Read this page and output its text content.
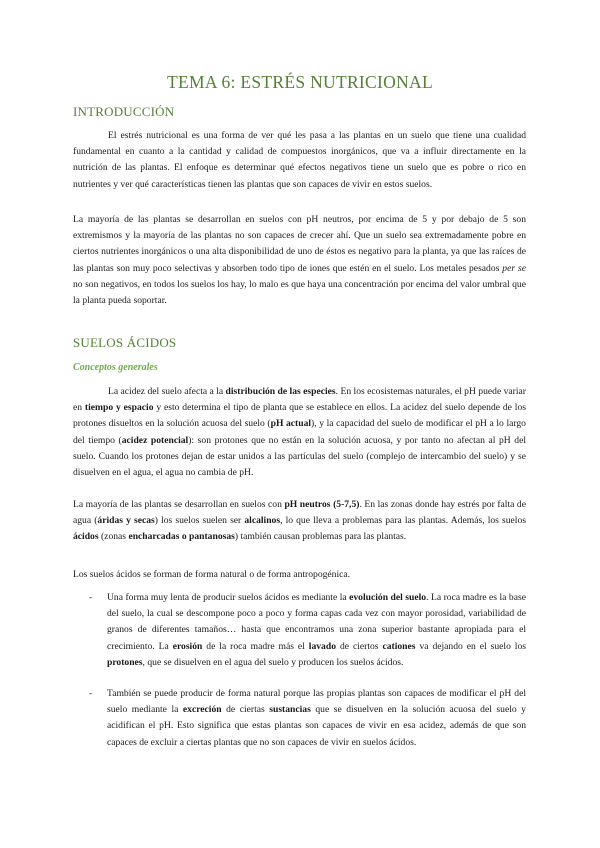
TEMA 6: ESTRÉS NUTRICIONAL
INTRODUCCIÓN

El estrés nutricional es una forma de ver qué les pasa a las plantas en un suelo que tiene una cualidad fundamental en cuanto a la cantidad y calidad de compuestos inorgánicos, que va a influir directamente en la nutrición de las plantas. El enfoque es determinar qué efectos negativos tiene un suelo que es pobre o rico en nutrientes y ver qué características tienen las plantas que son capaces de vivir en estos suelos.

La mayoría de las plantas se desarrollan en suelos con pH neutros, por encima de 5 y por debajo de 5 son extremismos y la mayoría de las plantas no son capaces de crecer ahí. Que un suelo sea extremadamente pobre en ciertos nutrientes inorgánicos o una alta disponibilidad de uno de éstos es negativo para la planta, ya que las raíces de las plantas son muy poco selectivas y absorben todo tipo de iones que estén en el suelo. Los metales pesados per se no son negativos, en todos los suelos los hay, lo malo es que haya una concentración por encima del valor umbral que la planta pueda soportar.

SUELOS ÁCIDOS
Conceptos generales

La acidez del suelo afecta a la distribución de las especies. En los ecosistemas naturales, el pH puede variar en tiempo y espacio y esto determina el tipo de planta que se establece en ellos. La acidez del suelo depende de los protones disueltos en la solución acuosa del suelo (pH actual), y la capacidad del suelo de modificar el pH a lo largo del tiempo (acidez potencial): son protones que no están en la solución acuosa, y por tanto no afectan al pH del suelo. Cuando los protones dejan de estar unidos a las partículas del suelo (complejo de intercambio del suelo) y se disuelven en el agua, el agua no cambia de pH.

La mayoría de las plantas se desarrollan en suelos con pH neutros (5-7,5). En las zonas donde hay estrés por falta de agua (áridas y secas) los suelos suelen ser alcalinos, lo que lleva a problemas para las plantas. Además, los suelos ácidos (zonas encharcadas o pantanosas) también causan problemas para las plantas.

Los suelos ácidos se forman de forma natural o de forma antropogénica.

-	Una forma muy lenta de producir suelos ácidos es mediante la evolución del suelo. La roca madre es la base del suelo, la cual se descompone poco a poco y forma capas cada vez con mayor porosidad, variabilidad de granos de diferentes tamaños… hasta que encontramos una zona superior bastante apropiada para el crecimiento. La erosión de la roca madre más el lavado de ciertos cationes va dejando en el suelo los protones, que se disuelven en el agua del suelo y producen los suelos ácidos.

-	También se puede producir de forma natural porque las propias plantas son capaces de modificar el pH del suelo mediante la excreción de ciertas sustancias que se disuelven en la solución acuosa del suelo y acidifican el pH. Esto significa que estas plantas son capaces de vivir en esa acidez, además de que son capaces de excluir a ciertas plantas que no son capaces de vivir en suelos ácidos.
